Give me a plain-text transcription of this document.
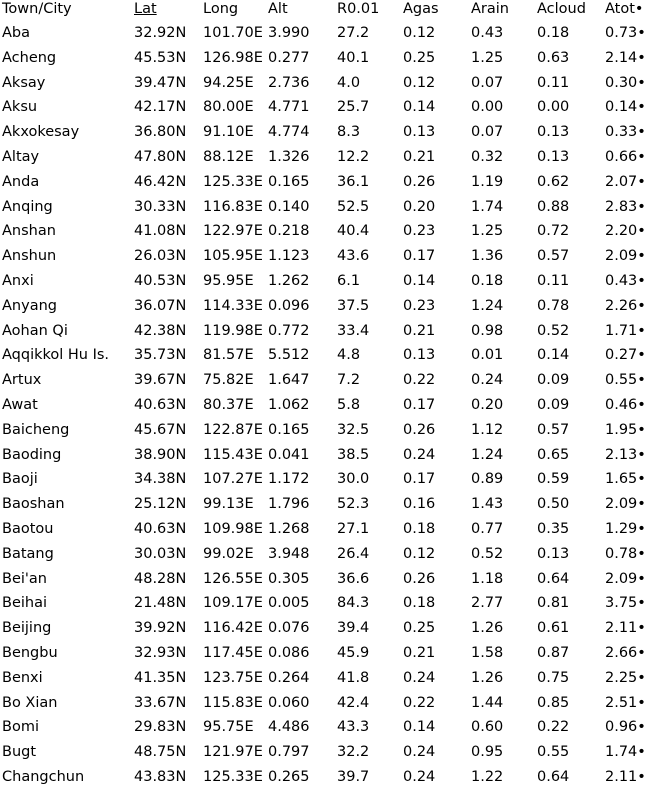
Town/City	Lat	Long Alt	R0.01 Agas Arain Acloud Atot•
Aba	32.92N 101.70E 3.990 27.2 0.12 0.43 0.18 0.73•
Acheng	45.53N 126.98E 0.277 40.1 0.25 1.25 0.63 2.14•
Aksay	39.47N 94.25E 2.736 4.0	0.12 0.07 0.11 0.30•
Aksu	42.17N 80.00E 4.771 25.7 0.14 0.00 0.00 0.14•
Akxokesay	36.80N 91.10E 4.774 8.3	0.13 0.07 0.13 0.33•
Altay	47.80N 88.12E 1.326 12.2 0.21 0.32 0.13 0.66•
Anda	46.42N 125.33E 0.165 36.1 0.26 1.19 0.62 2.07•
Anqing	30.33N 116.83E 0.140 52.5 0.20 1.74 0.88 2.83•
Anshan	41.08N 122.97E 0.218 40.4 0.23 1.25 0.72 2.20•
Anshun	26.03N 105.95E 1.123 43.6 0.17 1.36 0.57 2.09•
Anxi	40.53N 95.95E 1.262 6.1	0.14 0.18 0.11 0.43•
Anyang	36.07N 114.33E 0.096 37.5 0.23 1.24 0.78 2.26•
Aohan Qi	42.38N 119.98E 0.772 33.4 0.21 0.98 0.52 1.71•
Aqqikkol Hu Is. 35.73N 81.57E 5.512 4.8	0.13 0.01 0.14 0.27•
Artux	39.67N 75.82E 1.647 7.2	0.22 0.24 0.09 0.55•
Awat	40.63N 80.37E 1.062 5.8	0.17 0.20 0.09 0.46•
Baicheng	45.67N 122.87E 0.165 32.5 0.26 1.12 0.57 1.95•
Baoding	38.90N 115.43E 0.041 38.5 0.24 1.24 0.65 2.13•
Baoji	34.38N 107.27E 1.172 30.0 0.17 0.89 0.59 1.65•
Baoshan	25.12N 99.13E 1.796 52.3 0.16 1.43 0.50 2.09•
Baotou	40.63N 109.98E 1.268 27.1 0.18 0.77 0.35 1.29•
Batang	30.03N 99.02E 3.948 26.4 0.12 0.52 0.13 0.78•
Bei'an	48.28N 126.55E 0.305 36.6 0.26 1.18 0.64 2.09•
Beihai	21.48N 109.17E 0.005 84.3 0.18 2.77 0.81 3.75•
Beijing	39.92N 116.42E 0.076 39.4 0.25 1.26 0.61 2.11•
Bengbu	32.93N 117.45E 0.086 45.9 0.21 1.58 0.87 2.66•
Benxi	41.35N 123.75E 0.264 41.8 0.24 1.26 0.75 2.25•
Bo Xian	33.67N 115.83E 0.060 42.4 0.22 1.44 0.85 2.51•
Bomi	29.83N 95.75E 4.486 43.3 0.14 0.60 0.22 0.96•
Bugt	48.75N 121.97E 0.797 32.2 0.24 0.95 0.55 1.74•
Changchun	43.83N 125.33E 0.265 39.7 0.24 1.22 0.64 2.11•
